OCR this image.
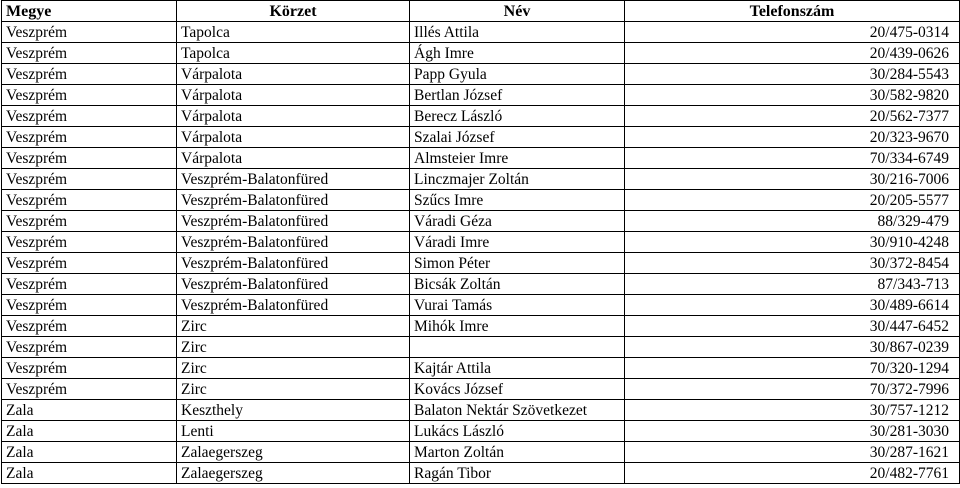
Megye	Körzet	Név	Telefonszám
Veszprém	Tapolca	Illés Attila	20/475-0314
Veszprém	Tapolca	Ágh Imre	20/439-0626
Veszprém	Várpalota	Papp Gyula	30/284-5543
Veszprém	Várpalota	Bertlan József	30/582-9820
Veszprém	Várpalota	Berecz László	20/562-7377
Veszprém	Várpalota	Szalai József	20/323-9670
Veszprém	Várpalota	Almsteier Imre	70/334-6749
Veszprém	Veszprém-Balatonfüred	Linczmajer Zoltán	30/216-7006
Veszprém	Veszprém-Balatonfüred	Szűcs Imre	20/205-5577
Veszprém	Veszprém-Balatonfüred	Váradi Géza	88/329-479
Veszprém	Veszprém-Balatonfüred	Váradi Imre	30/910-4248
Veszprém	Veszprém-Balatonfüred	Simon Péter	30/372-8454
Veszprém	Veszprém-Balatonfüred	Bicsák Zoltán	87/343-713
Veszprém	Veszprém-Balatonfüred	Vurai Tamás	30/489-6614
Veszprém	Zirc	Mihók Imre	30/447-6452
Veszprém	Zirc		30/867-0239
Veszprém	Zirc	Kajtár Attila	70/320-1294
Veszprém	Zirc	Kovács József	70/372-7996
Zala	Keszthely	Balaton Nektár Szövetkezet	30/757-1212
Zala	Lenti	Lukács László	30/281-3030
Zala	Zalaegerszeg	Marton Zoltán	30/287-1621
Zala	Zalaegerszeg	Ragán Tibor	20/482-7761
